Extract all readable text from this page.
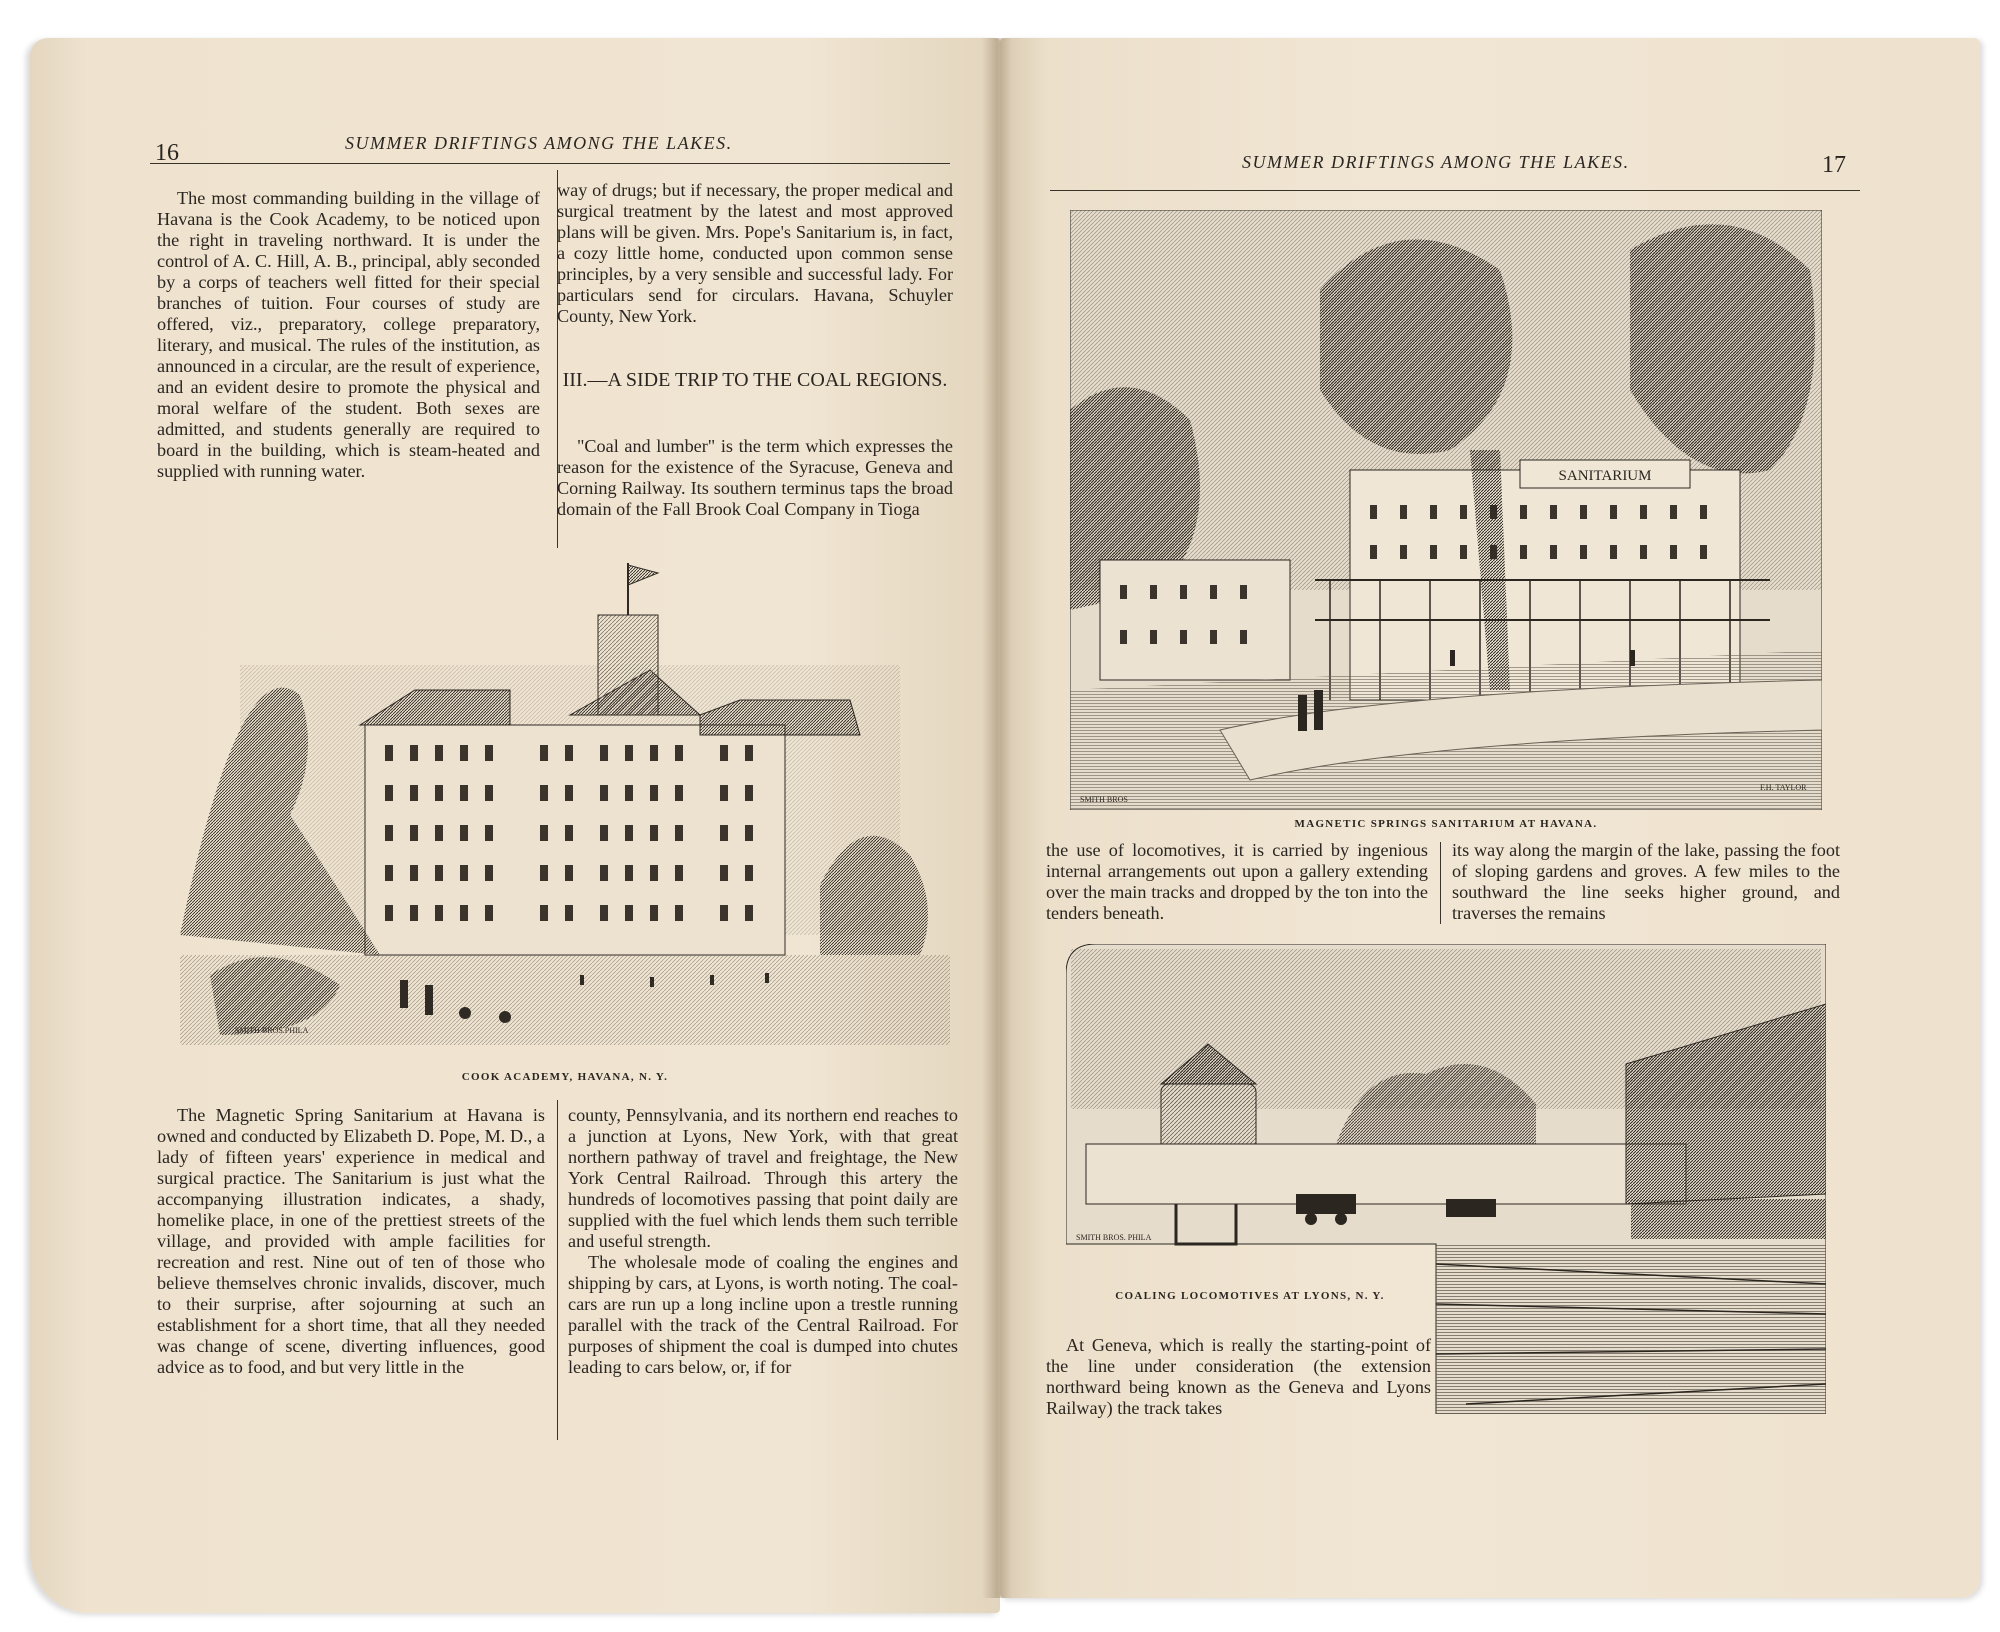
16	SUMMER DRIFTINGS AMONG THE LAKES.

The most commanding building in the village of Havana is the Cook Academy, to be noticed upon the right in traveling northward. It is under the control of A. C. Hill, A. B., principal, ably seconded by a corps of teachers well fitted for their special branches of tuition. Four courses of study are offered, viz., preparatory, college preparatory, literary, and musical. The rules of the institution, as announced in a circular, are the result of experience, and an evident desire to promote the physical and moral welfare of the student. Both sexes are admitted, and students generally are required to board in the building, which is steam-heated and supplied with running water.

way of drugs; but if necessary, the proper medical and surgical treatment by the latest and most approved plans will be given. Mrs. Pope's Sanitarium is, in fact, a cozy little home, conducted upon common sense principles, by a very sensible and successful lady. For particulars send for circulars. Havana, Schuyler County, New York.

III.—A SIDE TRIP TO THE COAL REGIONS.

"Coal and lumber" is the term which expresses the reason for the existence of the Syracuse, Geneva and Corning Railway. Its southern terminus taps the broad domain of the Fall Brook Coal Company in Tioga

SMITH BROS.PHILA
COOK ACADEMY, HAVANA, N. Y.

The Magnetic Spring Sanitarium at Havana is owned and conducted by Elizabeth D. Pope, M. D., a lady of fifteen years' experience in medical and surgical practice. The Sanitarium is just what the accompanying illustration indicates, a shady, homelike place, in one of the prettiest streets of the village, and provided with ample facilities for recreation and rest. Nine out of ten of those who believe themselves chronic invalids, discover, much to their surprise, after sojourning at such an establishment for a short time, that all they needed was change of scene, diverting influences, good advice as to food, and but very little in the

county, Pennsylvania, and its northern end reaches to a junction at Lyons, New York, with that great northern pathway of travel and freightage, the New York Central Railroad. Through this artery the hundreds of locomotives passing that point daily are supplied with the fuel which lends them such terrible and useful strength.

The wholesale mode of coaling the engines and shipping by cars, at Lyons, is worth noting. The coal-cars are run up a long incline upon a trestle running parallel with the track of the Central Railroad. For purposes of shipment the coal is dumped into chutes leading to cars below, or, if for

SUMMER DRIFTINGS AMONG THE LAKES.	17
SANITARIUM
SMITH BROS
F.H. TAYLOR
MAGNETIC SPRINGS SANITARIUM AT HAVANA.

the use of locomotives, it is carried by ingenious internal arrangements out upon a gallery extending over the main tracks and dropped by the ton into the tenders beneath.

its way along the margin of the lake, passing the foot of sloping gardens and groves. A few miles to the southward the line seeks higher ground, and traverses the remains

SMITH BROS. PHILA
COALING LOCOMOTIVES AT LYONS, N. Y.

At Geneva, which is really the starting-point of the line under consideration (the extension northward being known as the Geneva and Lyons Railway) the track takes
